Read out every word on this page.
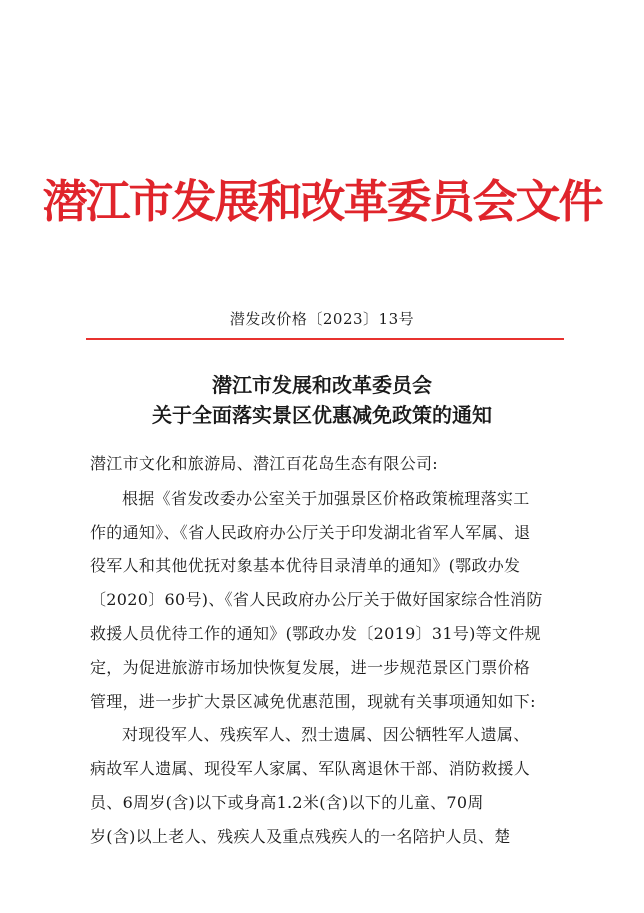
潜江市发展和改革委员会文件
潜发改价格〔2023〕13号
潜江市发展和改革委员会
关于全面落实景区优惠减免政策的通知
潜江市文化和旅游局、潜江百花岛生态有限公司:
根据《省发改委办公室关于加强景区价格政策梳理落实工
作的通知》、《省人民政府办公厅关于印发湖北省军人军属、退
役军人和其他优抚对象基本优待目录清单的通知》(鄂政办发
〔2020〕60号)、《省人民政府办公厅关于做好国家综合性消防
救援人员优待工作的通知》(鄂政办发〔2019〕31号)等文件规
定，为促进旅游市场加快恢复发展，进一步规范景区门票价格
管理，进一步扩大景区减免优惠范围，现就有关事项通知如下:
对现役军人、残疾军人、烈士遗属、因公牺牲军人遗属、
病故军人遗属、现役军人家属、军队离退休干部、消防救援人
员、6周岁(含)以下或身高1.2米(含)以下的儿童、70周
岁(含)以上老人、残疾人及重点残疾人的一名陪护人员、楚
